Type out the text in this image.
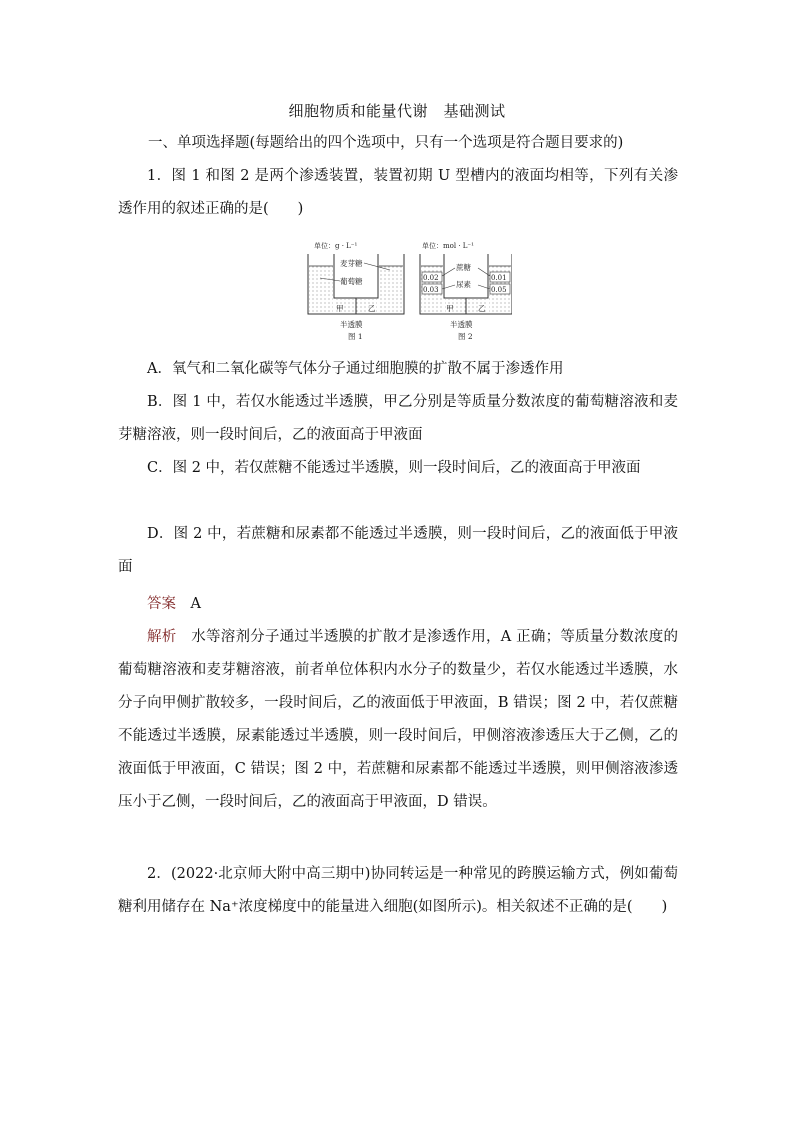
细胞物质和能量代谢　基础测试
一、单项选择题(每题给出的四个选项中，只有一个选项是符合题目要求的)
1．图 1 和图 2 是两个渗透装置，装置初期 U 型槽内的液面均相等，下列有关渗透作用的叙述正确的是(　　)
单位：g · L⁻¹
麦芽糖
葡萄糖
甲	乙
半透膜
图 1
单位：mol · L⁻¹
0.02
0.03
0.01
0.05
蔗糖
尿素
甲	乙
半透膜
图 2
A．氧气和二氧化碳等气体分子通过细胞膜的扩散不属于渗透作用
B．图 1 中，若仅水能透过半透膜，甲乙分别是等质量分数浓度的葡萄糖溶液和麦芽糖溶液，则一段时间后，乙的液面高于甲液面
C．图 2 中，若仅蔗糖不能透过半透膜，则一段时间后，乙的液面高于甲液面
D．图 2 中，若蔗糖和尿素都不能透过半透膜，则一段时间后，乙的液面低于甲液面
答案  A
解析  水等溶剂分子通过半透膜的扩散才是渗透作用，A 正确；等质量分数浓度的葡萄糖溶液和麦芽糖溶液，前者单位体积内水分子的数量少，若仅水能透过半透膜，水分子向甲侧扩散较多，一段时间后，乙的液面低于甲液面，B 错误；图 2 中，若仅蔗糖不能透过半透膜，尿素能透过半透膜，则一段时间后，甲侧溶液渗透压大于乙侧，乙的液面低于甲液面，C 错误；图 2 中，若蔗糖和尿素都不能透过半透膜，则甲侧溶液渗透压小于乙侧，一段时间后，乙的液面高于甲液面，D 错误。
2．(2022·北京师大附中高三期中)协同转运是一种常见的跨膜运输方式，例如葡萄糖利用储存在 Na⁺浓度梯度中的能量进入细胞(如图所示)。相关叙述不正确的是(　　)
